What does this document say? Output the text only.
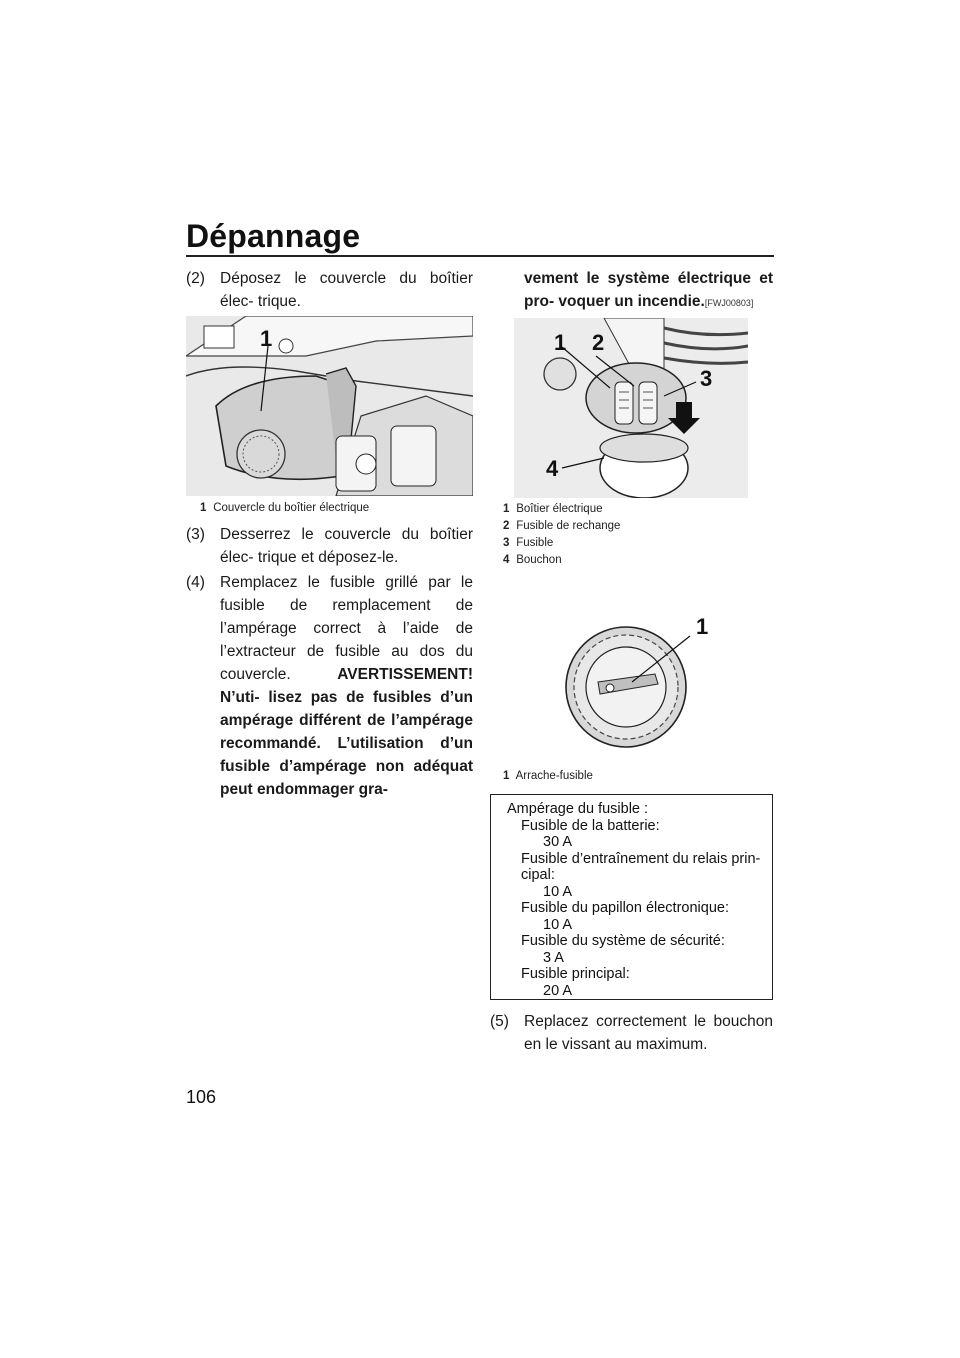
Dépannage
(2) Déposez le couvercle du boîtier élec- trique.
1
1 Couvercle du boîtier électrique
(3) Desserrez le couvercle du boîtier élec- trique et déposez-le.
(4) Remplacez le fusible grillé par le fusible de remplacement de l’ampérage correct à l’aide de l’extracteur de fusible au dos du couvercle. AVERTISSEMENT! N’uti- lisez pas de fusibles d’un ampérage différent de l’ampérage recommandé. L’utilisation d’un fusible d’ampérage non adéquat peut endommager gra-
vement le système électrique et pro- voquer un incendie.[FWJ00803]
1 2
3
4
1 Boîtier électrique
2 Fusible de rechange
3 Fusible
4 Bouchon
1
1 Arrache-fusible
Ampérage du fusible :
Fusible de la batterie:
30 A
Fusible d’entraînement du relais prin-
cipal:
10 A
Fusible du papillon électronique:
10 A
Fusible du système de sécurité:
3 A
Fusible principal:
20 A
(5) Replacez correctement le bouchon en le vissant au maximum.
106
